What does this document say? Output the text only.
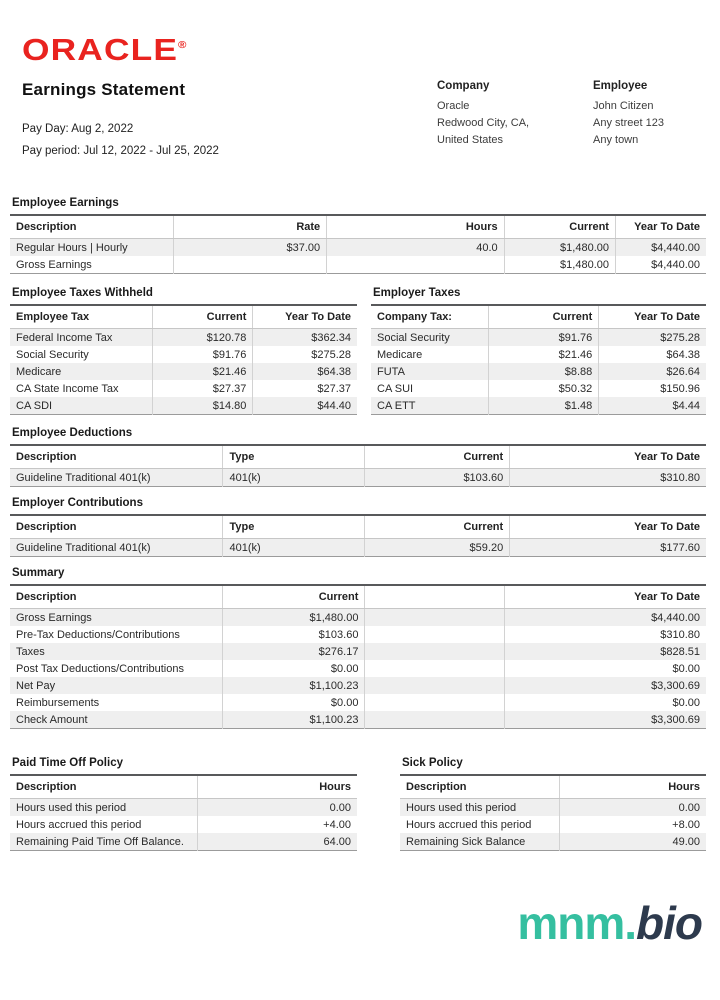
ORACLE®
Earnings Statement
Pay Day: Aug 2, 2022
Pay period: Jul 12, 2022 - Jul 25, 2022
Company
Oracle
Redwood City, CA,
United States
Employee
John Citizen
Any street 123
Any town
Employee Earnings
Description	Rate	Hours	Current	Year To Date
Regular Hours | Hourly	$37.00	40.0	$1,480.00	$4,440.00
Gross Earnings			$1,480.00	$4,440.00
Employee Taxes Withheld
Employee Tax	Current	Year To Date
Federal Income Tax	$120.78	$362.34
Social Security	$91.76	$275.28
Medicare	$21.46	$64.38
CA State Income Tax	$27.37	$27.37
CA SDI	$14.80	$44.40
Employer Taxes
Company Tax:	Current	Year To Date
Social Security	$91.76	$275.28
Medicare	$21.46	$64.38
FUTA	$8.88	$26.64
CA SUI	$50.32	$150.96
CA ETT	$1.48	$4.44
Employee Deductions
Description	Type	Current	Year To Date
Guideline Traditional 401(k)	401(k)	$103.60	$310.80
Employer Contributions
Description	Type	Current	Year To Date
Guideline Traditional 401(k)	401(k)	$59.20	$177.60
Summary
Description	Current		Year To Date
Gross Earnings	$1,480.00		$4,440.00
Pre-Tax Deductions/Contributions	$103.60		$310.80
Taxes	$276.17		$828.51
Post Tax Deductions/Contributions	$0.00		$0.00
Net Pay	$1,100.23		$3,300.69
Reimbursements	$0.00		$0.00
Check Amount	$1,100.23		$3,300.69
Paid Time Off Policy
Description	Hours
Hours used this period	0.00
Hours accrued this period	+4.00
Remaining Paid Time Off Balance.	64.00
Sick Policy
Description	Hours
Hours used this period	0.00
Hours accrued this period	+8.00
Remaining Sick Balance	49.00
mnm.bio
